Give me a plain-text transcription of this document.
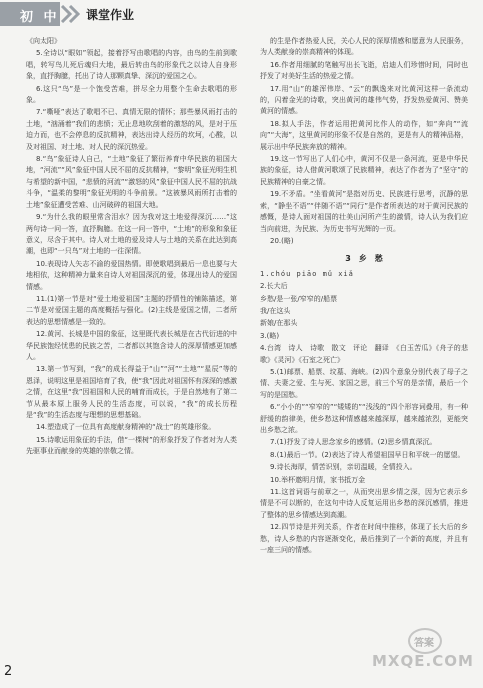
初 中 课堂作业

《向太阳》

5.全诗以“眼如”领起，接着抒写由歌唱的内容，由鸟的生前到歌唱，转写鸟儿死后魂归大地，最后转由鸟的形象代之以诗人自身形象，直抒胸臆，托出了诗人那颗真挚、深沉的爱国之心。

6.这只“鸟”是一个饱受苦难，拼尽全力用整个生命去歌唱的形象。

7.“嘶哑”表达了歌唱不已、真情无限的情怀；那些暴风雨打击的土地，“汹涌着”我们的悲愤；无止息地吹刮着的激怒的风，是对于压迫力而，也不会停息的反抗精神，表达出诗人经历的坎坷，心酸，以及对祖国、对土地、对人民的深沉热爱。

8.“鸟”象征诗人自己，“土地”象征了繁衍养育中华民族的祖国大地，“河流”“风”象征中国人民不屈的反抗精神，“黎明”象征光明生机与希望的新中国，“悲愤的河流”“激怒的风”象征中国人民不屈的抗战斗争，“温柔的黎明”象征光明的斗争前景。“这被暴风雨所打击着的土地”象征遭受苦难、山河破碎的祖国大地。

9.“为什么我的眼里常含泪水？因为我对这土地爱得深沉……”这两句诗一问一答，直抒胸臆。在这一问一答中，“土地”的形象和象征意义，尽含于其中。诗人对土地的爱及诗人与土地的关系在此达到高潮，也即“一只鸟”对土地的一往深情。

10.表现诗人矢志不渝的爱国热情。即使歌唱到最后一息也要与大地相依，这种精神力量来自诗人对祖国深沉的爱，体现出诗人的爱国情感。

11.(1)第一节是对“爱土地爱祖国”主题的抒情性的铺陈描述，第二节是对爱国主题的高度概括与强化。(2)主线是爱国之情，二者所表达的思想情感是一致的。

12.黄河、长城是中国的象征，这里既代表长城是在古代衍进的中华民族饱经忧患的民族之苦，二者都以其饱含诗人的深厚情感更加感人。

13.第一节写到，“我”的成长得益于“山”“河”“土地”“星辰”等的恩泽，说明这里是祖国培育了我，使“我”因此对祖国怀有深深的感激之情，在这里“我”因祖国和人民的哺育而成长，于是自然地有了第二节从最本原上服务人民的生活态度，可以说，“我”的成长历程是“我”的生活态度与理想的思想基础。

14.塑造成了一位具有高度献身精神的“战士”的英雄形象。

15.诗歌运用象征的手法，借“一棵树”的形象抒发了作者对为人类先驱事业而献身的英雄的崇敬之情。

的生是作者热爱人民，关心人民的深厚情感和愿意为人民服务，为人类献身的崇高精神的体现。

16.作者用细腻的笔触写出长飞逝，启迪人们珍惜时间，同时也抒发了对美好生活的热爱之情。

17.用“山”的雄浑伟岸、“云”的飘逸来对比黄河这样一条流动的，闪着金光的诗歌，突出黄河的雄伟气势，抒发热爱黄河、赞美黄河的情感。

18.拟人手法，作者运用把黄河比作人的动作，如“奔向”“流向”“大海”，这里黄河的形象不仅是自然的，更是有人的精神品格，展示出中华民族奔放的精神。

19.这一节写出了人们心中，黄河不仅是一条河流，更是中华民族的象征，诗人借黄河歌颂了民族精神，表达了作者为了“坚守”的民族精神的自豪之情。

19.不矛盾。“坐看黄河”是指对历史、民族进行思考，沉静的思索，“静坐不语”“伴随不语”“同行”是作者所表达的对于黄河民族的感慨，是诗人面对祖国的壮美山河所产生的激情，诗人认为我们应当向前进，为民族、为历史书写光辉的一页。

20.(略)

3　乡　愁

1.chóu piāo mǔ xiǎ

2.长大后

乡愁/是一张/窄窄的/船票

我/在这头

新娘/在那头

3.(略)

4.台湾　诗人　诗歌　散文　评论　翻译　《白玉苦瓜》《舟子的悲歌》《灵河》《石室之死亡》

5.(1)邮票、船票、坟墓、海峡。(2)四个意象分别代表了母子之情、夫妻之爱、生与死、家国之思，前三个写的是亲情，最后一个写的是国愁。

6.“小小的”“窄窄的”“矮矮的”“浅浅的”四个形容词叠用，有一种舒缓的韵律美，使乡愁这种情感越来越深厚，越来越浓烈，更能突出乡愁之浓。

7.(1)抒发了诗人思念家乡的感情。(2)思乡情真深沉。

8.(1)最后一节。(2)表达了诗人希望祖国早日和平统一的愿望。

9.诗长海厚，情苦识别，亲切温暖，全情投入。

10.举杯邀明月情，家书抵万金

11.这首词语与前章之一，从而突出思乡情之深，因为它表示乡情是不可以断的，在这句中诗人反复运用出乡愁的深沉感情，推进了整体的思乡情感达到高潮。

12.四节诗是并列关系，作者在时间中推移，体现了长大后的乡愁，诗人乡愁的内容逐渐变化，最后推到了一个新的高度，并且有一座三问的情感。

答案
MXQE.COM
2
